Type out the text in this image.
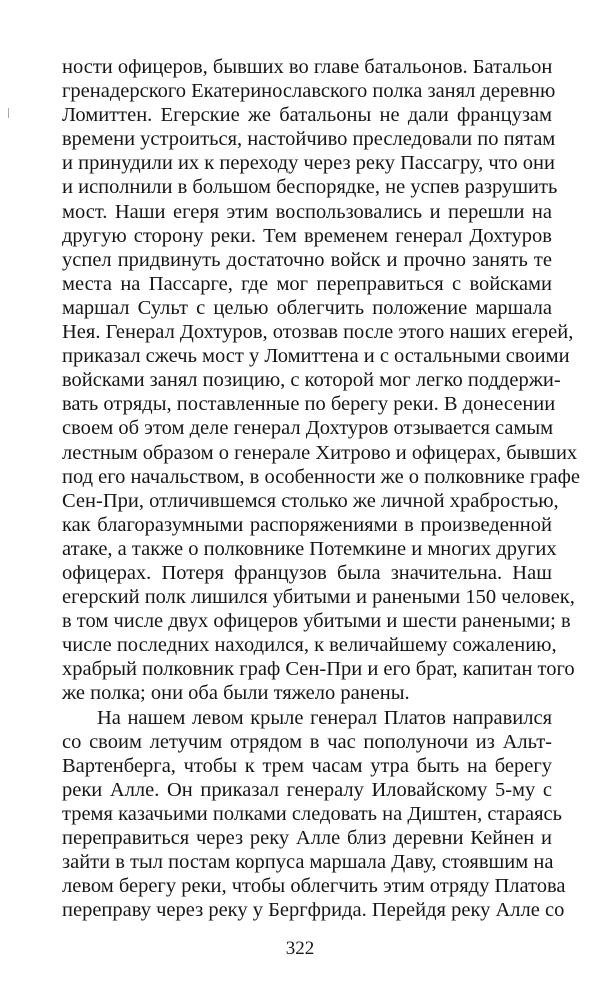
ности офицеров, бывших во главе батальонов. Батальон
гренадерского Екатеринославского полка занял деревню
Ломиттен. Егерские же батальоны не дали французам
времени устроиться, настойчиво преследовали по пятам
и принудили их к переходу через реку Пассагру, что они
и исполнили в большом беспорядке, не успев разрушить
мост. Наши егеря этим воспользовались и перешли на
другую сторону реки. Тем временем генерал Дохтуров
успел придвинуть достаточно войск и прочно занять те
места на Пассарге, где мог переправиться с войсками
маршал Сульт с целью облегчить положение маршала
Нея. Генерал Дохтуров, отозвав после этого наших егерей,
приказал сжечь мост у Ломиттена и с остальными своими
войсками занял позицию, с которой мог легко поддержи-
вать отряды, поставленные по берегу реки. В донесении
своем об этом деле генерал Дохтуров отзывается самым
лестным образом о генерале Хитрово и офицерах, бывших
под его начальством, в особенности же о полковнике графе
Сен-При, отличившемся столько же личной храбростью,
как благоразумными распоряжениями в произведенной
атаке, а также о полковнике Потемкине и многих других
офицерах. Потеря французов была значительна. Наш
егерский полк лишился убитыми и ранеными 150 человек,
в том числе двух офицеров убитыми и шести ранеными; в
числе последних находился, к величайшему сожалению,
храбрый полковник граф Сен-При и его брат, капитан того
же полка; они оба были тяжело ранены.
На нашем левом крыле генерал Платов направился
со своим летучим отрядом в час пополуночи из Альт-
Вартенберга, чтобы к трем часам утра быть на берегу
реки Алле. Он приказал генералу Иловайскому 5-му с
тремя казачьими полками следовать на Диштен, стараясь
переправиться через реку Алле близ деревни Кейнен и
зайти в тыл постам корпуса маршала Даву, стоявшим на
левом берегу реки, чтобы облегчить этим отряду Платова
переправу через реку у Бергфрида. Перейдя реку Алле со
322
